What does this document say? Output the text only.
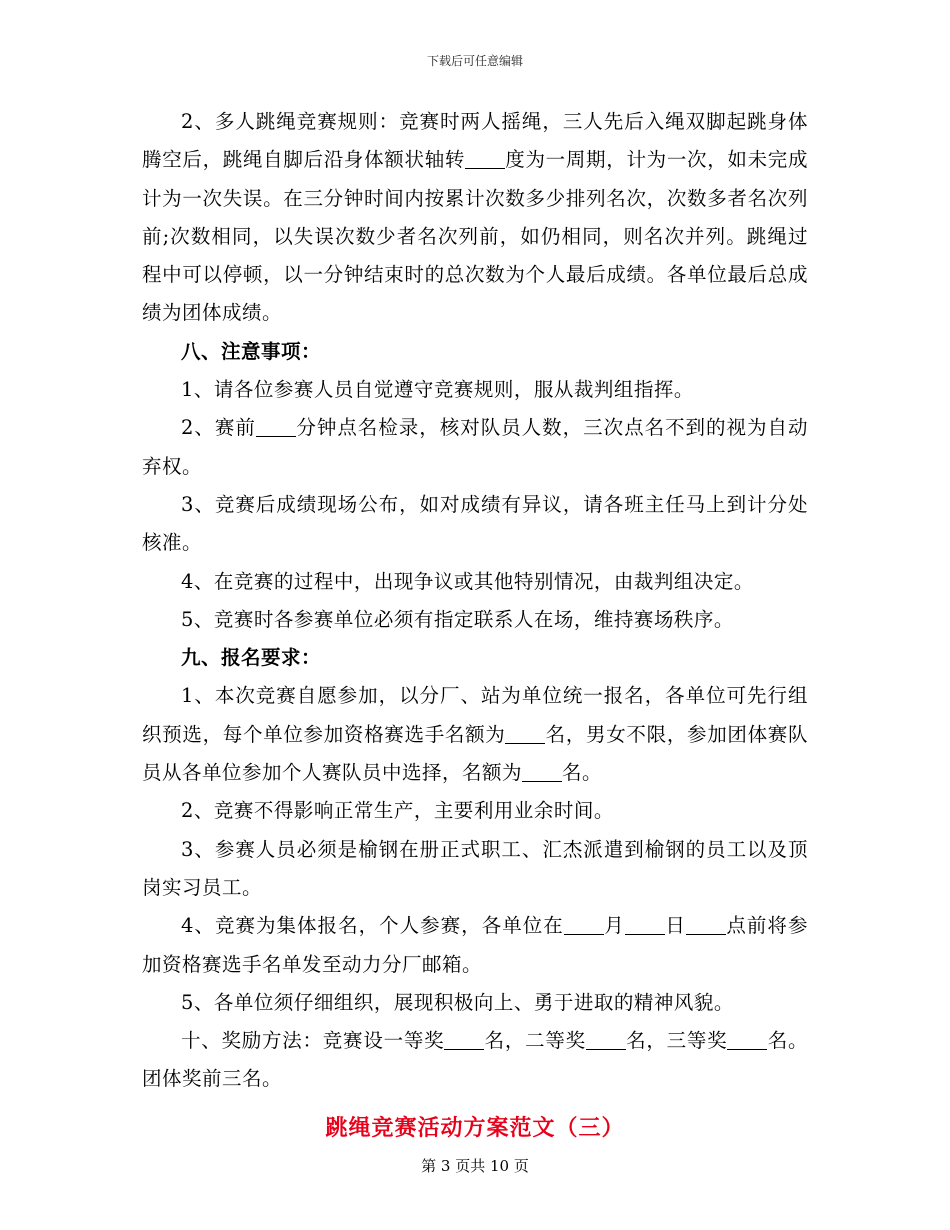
下载后可任意编辑

2、多人跳绳竞赛规则：竞赛时两人摇绳，三人先后入绳双脚起跳身体腾空后，跳绳自脚后沿身体额状轴转 度为一周期，计为一次，如未完成计为一次失误。在三分钟时间内按累计次数多少排列名次，次数多者名次列前;次数相同，以失误次数少者名次列前，如仍相同，则名次并列。跳绳过程中可以停顿，以一分钟结束时的总次数为个人最后成绩。各单位最后总成绩为团体成绩。

八、注意事项：

1、请各位参赛人员自觉遵守竞赛规则，服从裁判组指挥。

2、赛前 分钟点名检录，核对队员人数，三次点名不到的视为自动弃权。

3、竞赛后成绩现场公布，如对成绩有异议，请各班主任马上到计分处核准。

4、在竞赛的过程中，出现争议或其他特别情况，由裁判组决定。

5、竞赛时各参赛单位必须有指定联系人在场，维持赛场秩序。

九、报名要求：

1、本次竞赛自愿参加，以分厂、站为单位统一报名，各单位可先行组织预选，每个单位参加资格赛选手名额为 名，男女不限，参加团体赛队员从各单位参加个人赛队员中选择，名额为 名。

2、竞赛不得影响正常生产，主要利用业余时间。

3、参赛人员必须是榆钢在册正式职工、汇杰派遣到榆钢的员工以及顶岗实习员工。

4、竞赛为集体报名，个人参赛，各单位在 月 日 点前将参加资格赛选手名单发至动力分厂邮箱。

5、各单位须仔细组织，展现积极向上、勇于进取的精神风貌。

十、奖励方法：竞赛设一等奖 名，二等奖 名，三等奖 名。团体奖前三名。

跳绳竞赛活动方案范文（三）

第 3 页共 10 页
